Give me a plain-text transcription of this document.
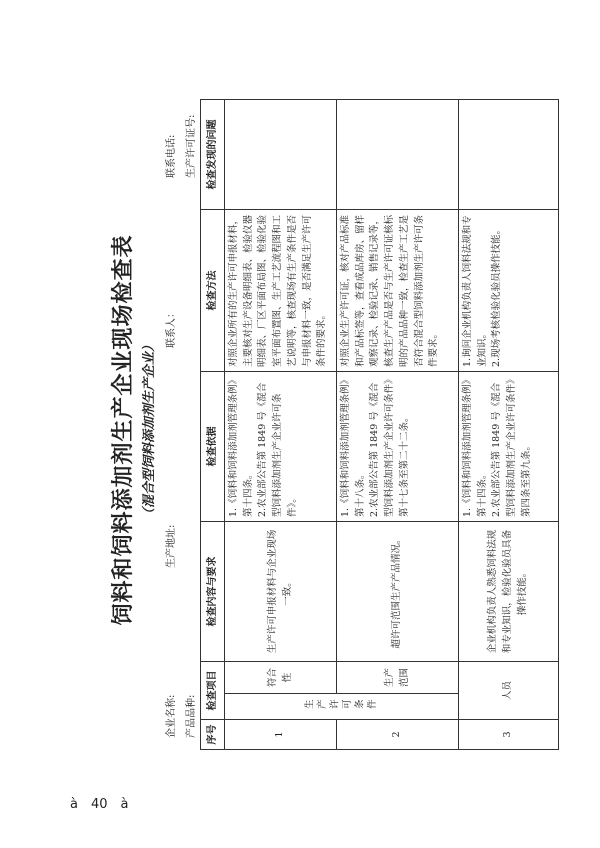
饲料和饲料添加剂生产企业现场检查表 （混合型饲料添加剂生产企业）
企业名称:
生产地址:
联系人：
联系电话:
产品品种:
生产许可证号:
序号	检查项目		检查内容与要求	检查依据	检查方法	检查发现的问题
1	生产许可条件	符合性	生产许可申报材料与企业现场一致。	1.《饲料和饲料添加剂管理条例》第十四条。
2.农业部公告第 1849 号《混合型饲料添加剂生产企业许可条件》。	对照企业所有的生产许可申报材料，主要核对生产设备明细表、检验仪器明细表、厂区平面布局图、检验化验室平面布置图、生产工艺流程图和工艺说明等，核查现场有生产条件是否与申报材料一致，是否满足生产许可条件的要求。	
2		生产范围	超许可范围生产产品情况。	1.《饲料和饲料添加剂管理条例》第十八条。
2.农业部公告第 1849 号《混合型饲料添加剂生产企业许可条件》第十七条至第二十二条。	对照企业生产许可证，核对产品标准和产品标签等，查看成品库房、留样观察记录、检验记录、销售记录等，核查生产产品是否与生产许可证核标明的产品品种一致，检查生产工艺是否符合混合型饲料添加剂生产许可条件要求。	
3	人员		企业机构负责人熟悉饲料法规和专业知识，检验化验员具备操作技能。	1.《饲料和饲料添加剂管理条例》第十四条。
2.农业部公告第 1849 号《混合型饲料添加剂生产企业许可条件》第四条至第九条。	1.询问企业机构负责人饲料法规和专业知识。
2.现场考核检验化验员操作技能。	
à　40　à
